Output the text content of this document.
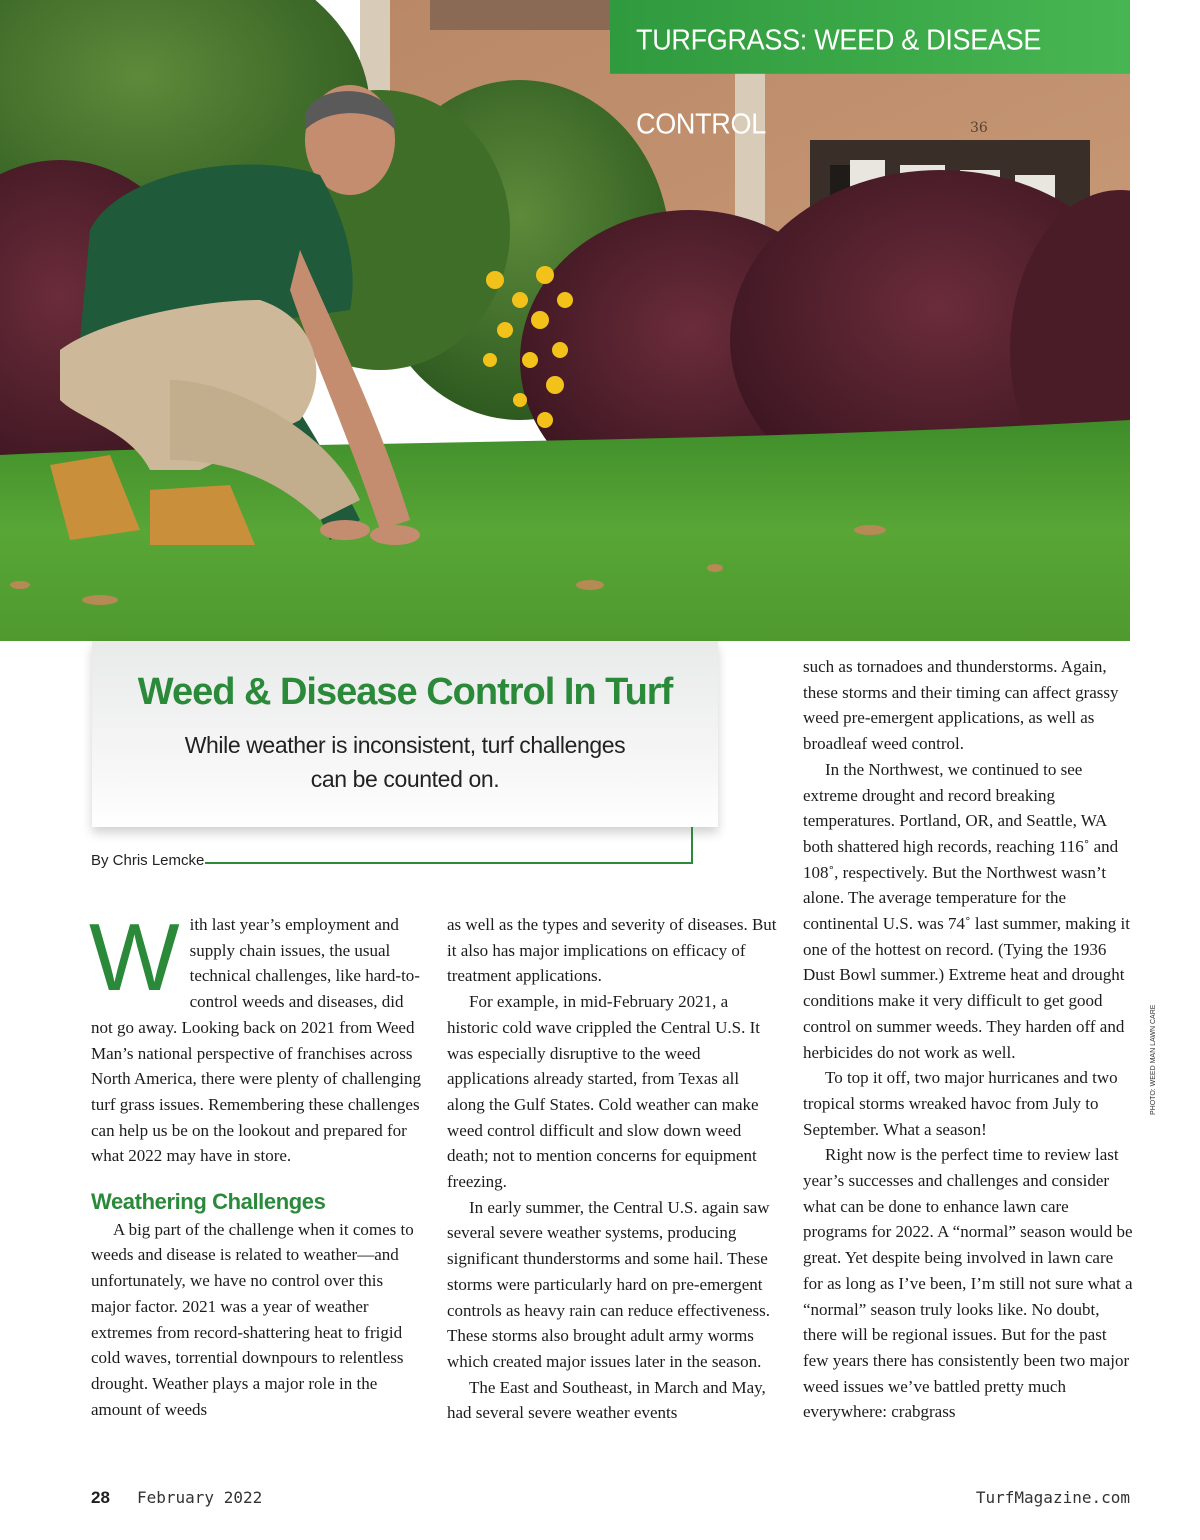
36
TURFGRASS: WEED & DISEASE CONTROL
Weed & Disease Control In Turf

While weather is inconsistent, turf challenges can be counted on.

By Chris Lemcke

With last year’s employment and supply chain issues, the usual technical challenges, like hard-to-control weeds and diseases, did not go away. Looking back on 2021 from Weed Man’s national perspective of franchises across North America, there were plenty of challenging turf grass issues. Remembering these challenges can help us be on the lookout and prepared for what 2022 may have in store.

Weathering Challenges

A big part of the challenge when it comes to weeds and disease is related to weather—and unfortunately, we have no control over this major factor. 2021 was a year of weather extremes from record-shattering heat to frigid cold waves, torrential downpours to relentless drought. Weather plays a major role in the amount of weeds

as well as the types and severity of diseases. But it also has major implications on efficacy of treatment applications.

For example, in mid-February 2021, a historic cold wave crippled the Central U.S. It was especially disruptive to the weed applications already started, from Texas all along the Gulf States. Cold weather can make weed control difficult and slow down weed death; not to mention concerns for equipment freezing.

In early summer, the Central U.S. again saw several severe weather systems, producing significant thunderstorms and some hail. These storms were particularly hard on pre-emergent controls as heavy rain can reduce effectiveness. These storms also brought adult army worms which created major issues later in the season.

The East and Southeast, in March and May, had several severe weather events

such as tornadoes and thunderstorms. Again, these storms and their timing can affect grassy weed pre-emergent applications, as well as broadleaf weed control.

In the Northwest, we continued to see extreme drought and record breaking temperatures. Portland, OR, and Seattle, WA both shattered high records, reaching 116˚ and 108˚, respectively. But the Northwest wasn’t alone. The average temperature for the continental U.S. was 74˚ last summer, making it one of the hottest on record. (Tying the 1936 Dust Bowl summer.) Extreme heat and drought conditions make it very difficult to get good control on summer weeds. They harden off and herbicides do not work as well.

To top it off, two major hurricanes and two tropical storms wreaked havoc from July to September. What a season!

Right now is the perfect time to review last year’s successes and challenges and consider what can be done to enhance lawn care programs for 2022. A “normal” season would be great. Yet despite being involved in lawn care for as long as I’ve been, I’m still not sure what a “normal” season truly looks like. No doubt, there will be regional issues. But for the past few years there has consistently been two major weed issues we’ve battled pretty much everywhere: crabgrass

PHOTO: WEED MAN LAWN CARE
28 February 2022	TurfMagazine.com
